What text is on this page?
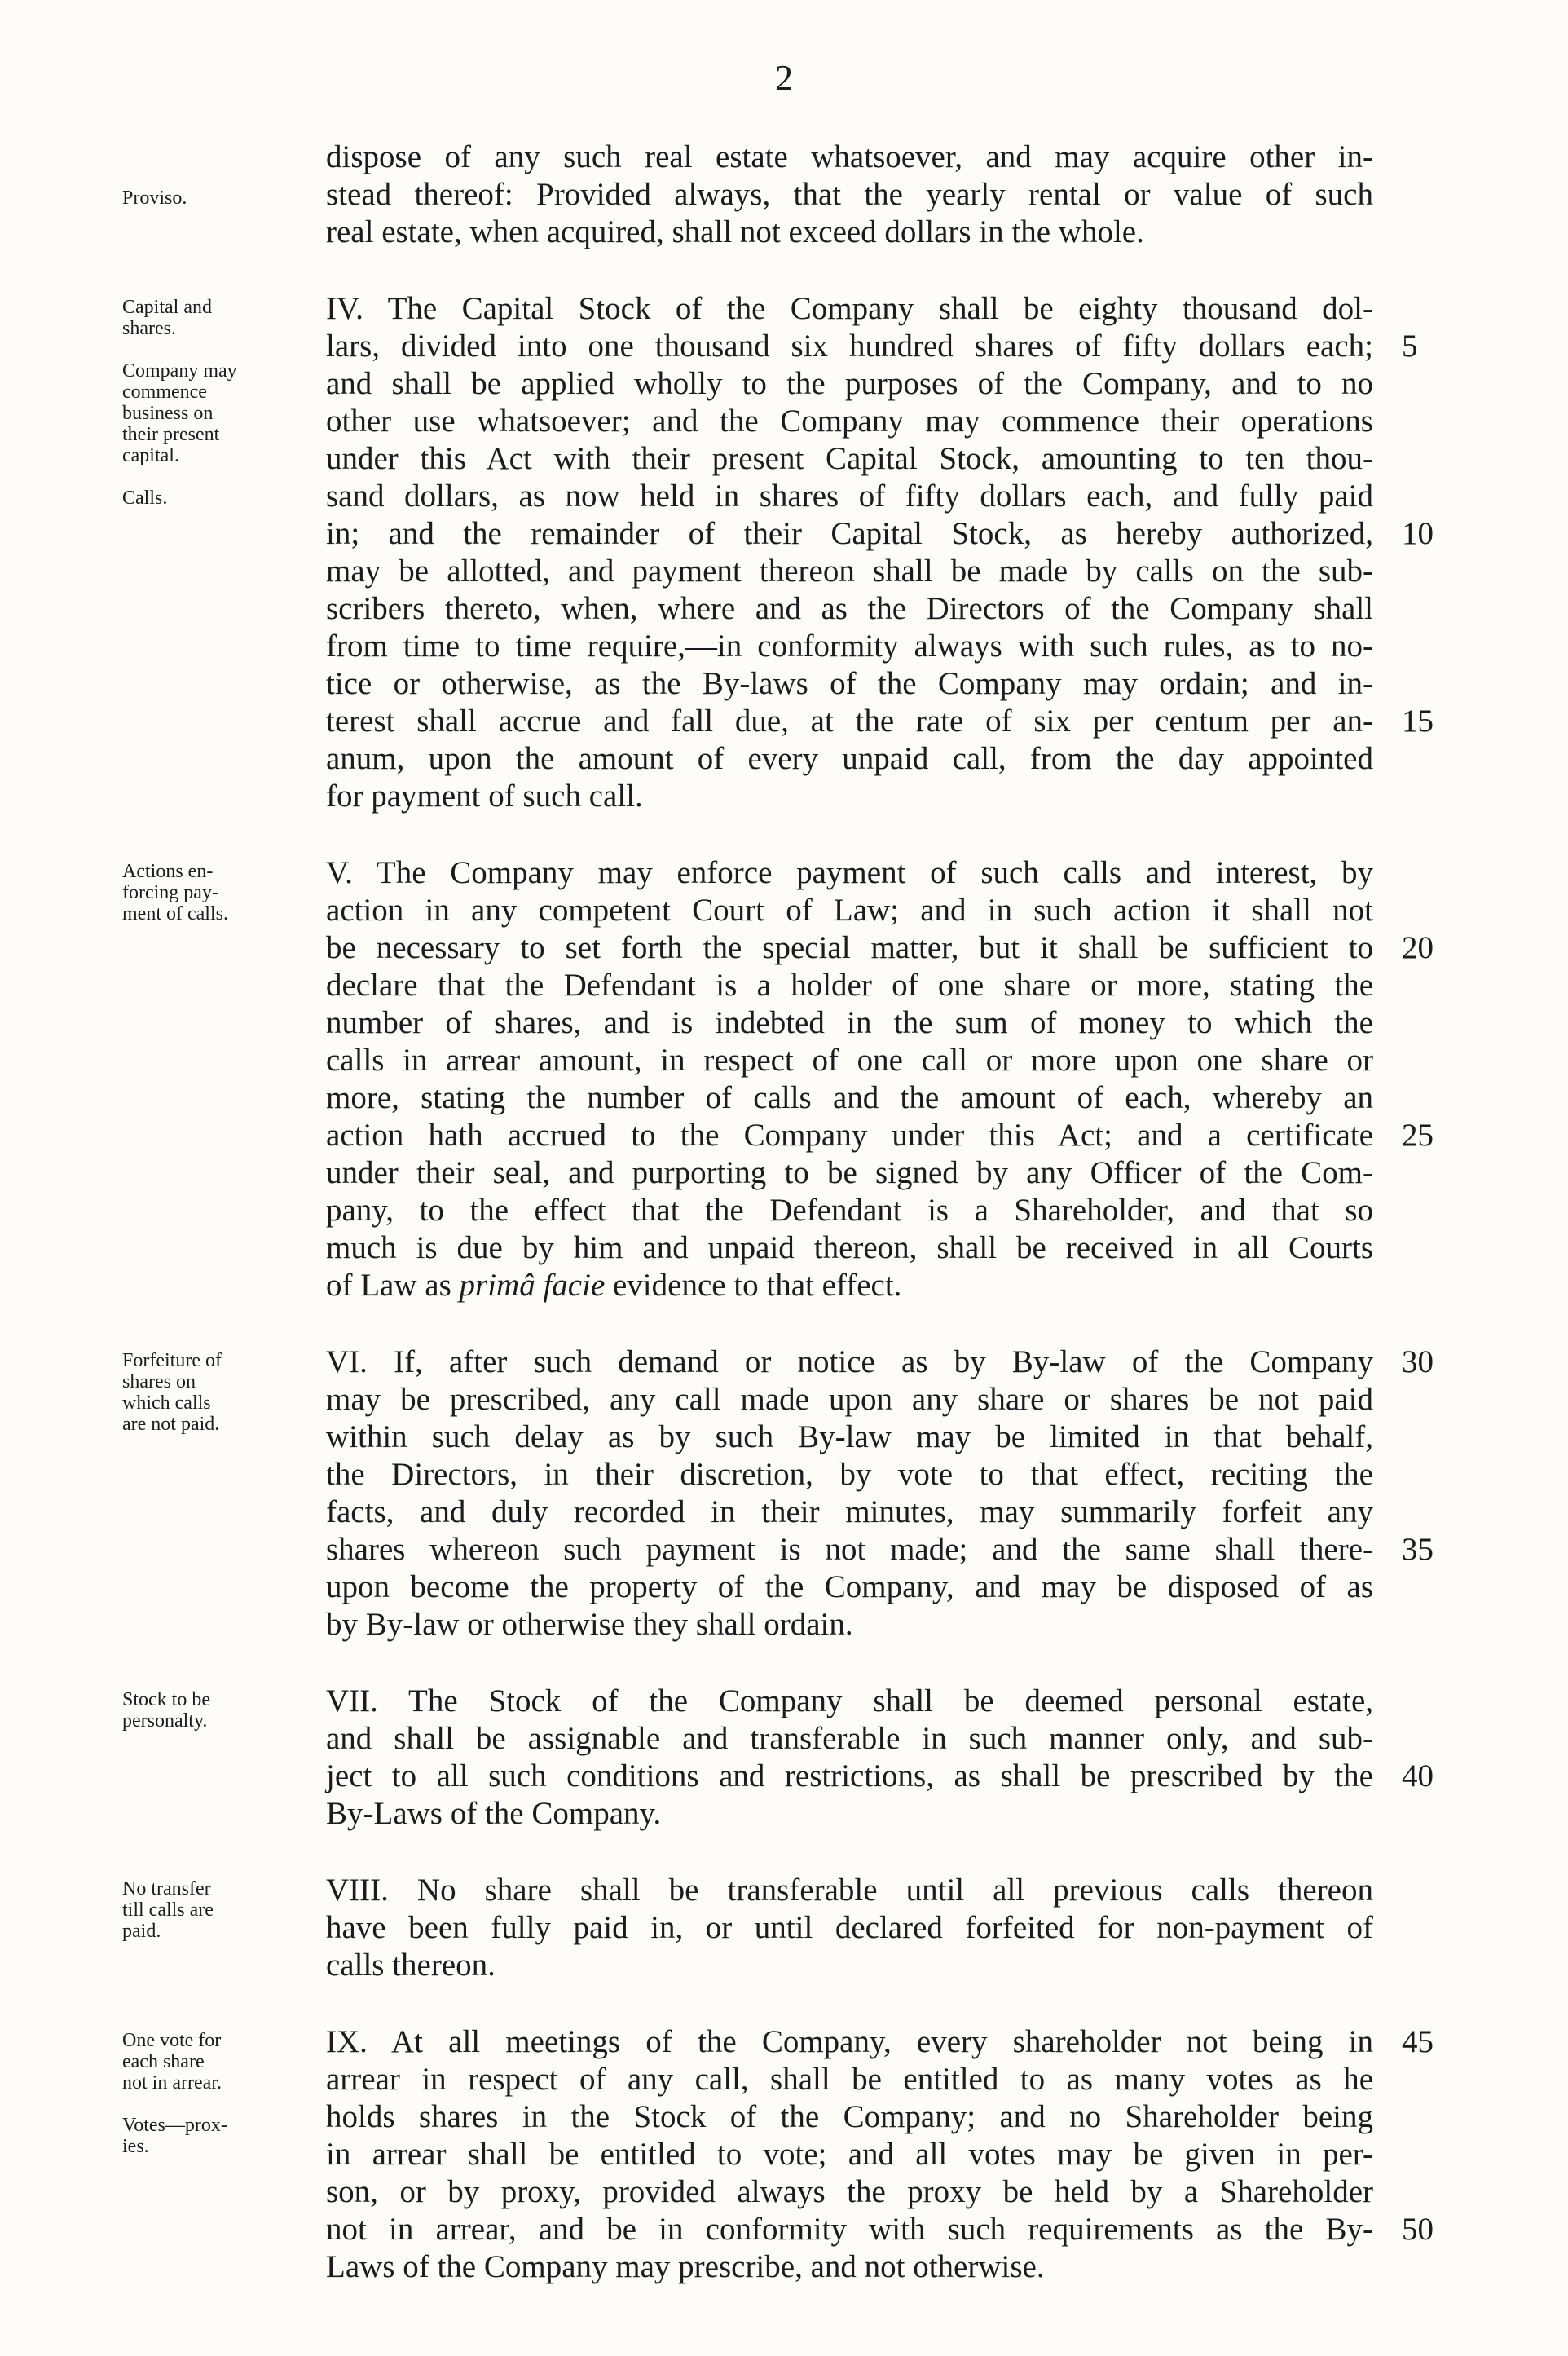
2
Proviso.
dispose of any such real estate whatsoever, and may acquire other in-
stead thereof: Provided always, that the yearly rental or value of such
real estate, when acquired, shall not exceed dollars in the whole.
Capital and
shares.
Company may
commence
business on
their present
capital.
Calls.
IV. The Capital Stock of the Company shall be eighty thousand dol-
lars, divided into one thousand six hundred shares of fifty dollars each; 5
and shall be applied wholly to the purposes of the Company, and to no
other use whatsoever; and the Company may commence their operations
under this Act with their present Capital Stock, amounting to ten thou-
sand dollars, as now held in shares of fifty dollars each, and fully paid
in; and the remainder of their Capital Stock, as hereby authorized, 10
may be allotted, and payment thereon shall be made by calls on the sub-
scribers thereto, when, where and as the Directors of the Company shall
from time to time require,—in conformity always with such rules, as to no-
tice or otherwise, as the By-laws of the Company may ordain; and in-
terest shall accrue and fall due, at the rate of six per centum per an- 15
anum, upon the amount of every unpaid call, from the day appointed
for payment of such call.
Actions en-
forcing pay-
ment of calls.
V. The Company may enforce payment of such calls and interest, by
action in any competent Court of Law; and in such action it shall not
be necessary to set forth the special matter, but it shall be sufficient to 20
declare that the Defendant is a holder of one share or more, stating the
number of shares, and is indebted in the sum of money to which the
calls in arrear amount, in respect of one call or more upon one share or
more, stating the number of calls and the amount of each, whereby an
action hath accrued to the Company under this Act; and a certificate 25
under their seal, and purporting to be signed by any Officer of the Com-
pany, to the effect that the Defendant is a Shareholder, and that so
much is due by him and unpaid thereon, shall be received in all Courts
of Law as primâ facie evidence to that effect.
Forfeiture of
shares on
which calls
are not paid.
VI. If, after such demand or notice as by By-law of the Company 30
may be prescribed, any call made upon any share or shares be not paid
within such delay as by such By-law may be limited in that behalf,
the Directors, in their discretion, by vote to that effect, reciting the
facts, and duly recorded in their minutes, may summarily forfeit any
shares whereon such payment is not made; and the same shall there- 35
upon become the property of the Company, and may be disposed of as
by By-law or otherwise they shall ordain.
Stock to be
personalty.
VII. The Stock of the Company shall be deemed personal estate,
and shall be assignable and transferable in such manner only, and sub-
ject to all such conditions and restrictions, as shall be prescribed by the 40
By-Laws of the Company.
No transfer
till calls are
paid.
VIII. No share shall be transferable until all previous calls thereon
have been fully paid in, or until declared forfeited for non-payment of
calls thereon.
One vote for
each share
not in arrear.
Votes—prox-
ies.
IX. At all meetings of the Company, every shareholder not being in 45
arrear in respect of any call, shall be entitled to as many votes as he
holds shares in the Stock of the Company; and no Shareholder being
in arrear shall be entitled to vote; and all votes may be given in per-
son, or by proxy, provided always the proxy be held by a Shareholder
not in arrear, and be in conformity with such requirements as the By- 50
Laws of the Company may prescribe, and not otherwise.
